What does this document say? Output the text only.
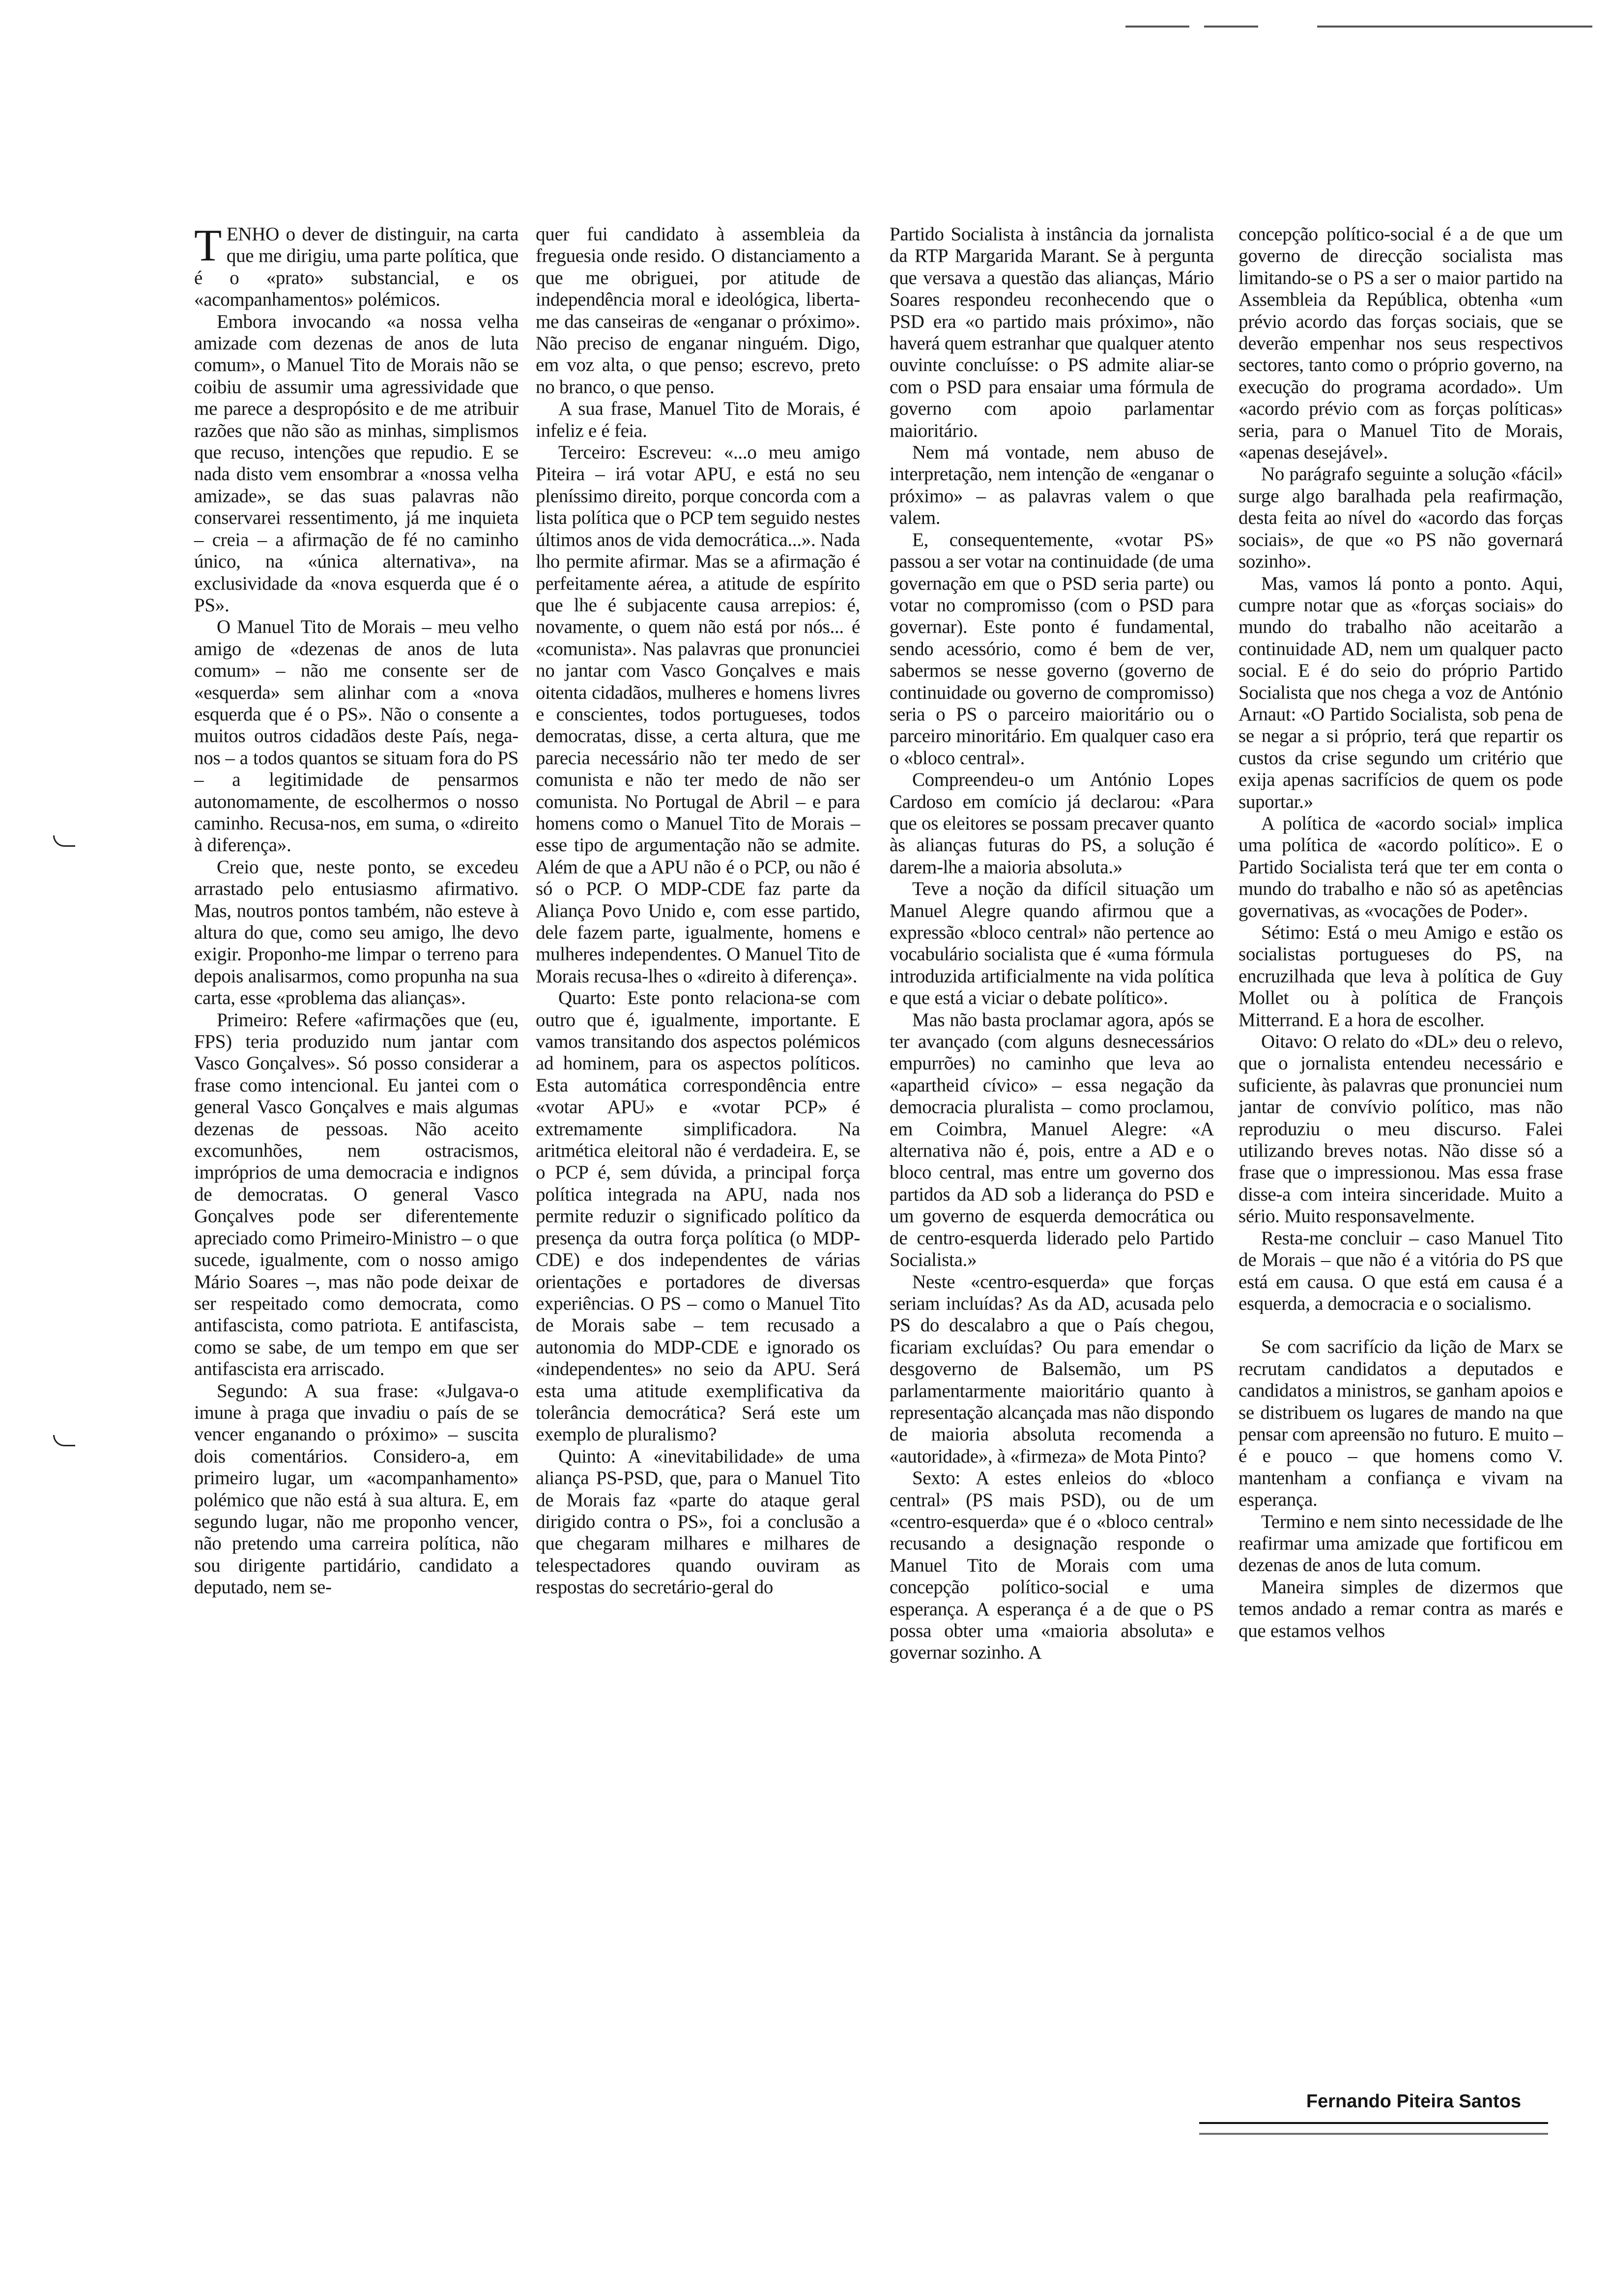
TENHO o dever de distinguir, na carta que me dirigiu, uma parte política, que é o «prato» substancial, e os «acompanhamentos» polémicos.

Embora invocando «a nossa velha amizade com dezenas de anos de luta comum», o Manuel Tito de Morais não se coibiu de assumir uma agressividade que me parece a despropósito e de me atribuir razões que não são as minhas, simplismos que recuso, intenções que repudio. E se nada disto vem ensombrar a «nossa velha amizade», se das suas palavras não conservarei ressentimento, já me inquieta – creia – a afirmação de fé no caminho único, na «única alternativa», na exclusividade da «nova esquerda que é o PS».

O Manuel Tito de Morais – meu velho amigo de «dezenas de anos de luta comum» – não me consente ser de «esquerda» sem alinhar com a «nova esquerda que é o PS». Não o consente a muitos outros cidadãos deste País, nega-nos – a todos quantos se situam fora do PS – a legitimidade de pensarmos autonomamente, de escolhermos o nosso caminho. Recusa-nos, em suma, o «direito à diferença».

Creio que, neste ponto, se excedeu arrastado pelo entusiasmo afirmativo. Mas, noutros pontos também, não esteve à altura do que, como seu amigo, lhe devo exigir. Proponho-me limpar o terreno para depois analisarmos, como propunha na sua carta, esse «problema das alianças».

Primeiro: Refere «afirmações que (eu, FPS) teria produzido num jantar com Vasco Gonçalves». Só posso considerar a frase como intencional. Eu jantei com o general Vasco Gonçalves e mais algumas dezenas de pessoas. Não aceito excomunhões, nem ostracismos, impróprios de uma democracia e indignos de democratas. O general Vasco Gonçalves pode ser diferentemente apreciado como Primeiro-Ministro – o que sucede, igualmente, com o nosso amigo Mário Soares –, mas não pode deixar de ser respeitado como democrata, como antifascista, como patriota. E antifascista, como se sabe, de um tempo em que ser antifascista era arriscado.

Segundo: A sua frase: «Julgava-o imune à praga que invadiu o país de se vencer enganando o próximo» – suscita dois comentários. Considero-a, em primeiro lugar, um «acompanhamento» polémico que não está à sua altura. E, em segundo lugar, não me proponho vencer, não pretendo uma carreira política, não sou dirigente partidário, candidato a deputado, nem se-

quer fui candidato à assembleia da freguesia onde resido. O distanciamento a que me obriguei, por atitude de independência moral e ideológica, liberta-me das canseiras de «enganar o próximo». Não preciso de enganar ninguém. Digo, em voz alta, o que penso; escrevo, preto no branco, o que penso.

A sua frase, Manuel Tito de Morais, é infeliz e é feia.

Terceiro: Escreveu: «...o meu amigo Piteira – irá votar APU, e está no seu pleníssimo direito, porque concorda com a lista política que o PCP tem seguido nestes últimos anos de vida democrática...». Nada lho permite afirmar. Mas se a afirmação é perfeitamente aérea, a atitude de espírito que lhe é subjacente causa arrepios: é, novamente, o quem não está por nós... é «comunista». Nas palavras que pronunciei no jantar com Vasco Gonçalves e mais oitenta cidadãos, mulheres e homens livres e conscientes, todos portugueses, todos democratas, disse, a certa altura, que me parecia necessário não ter medo de ser comunista e não ter medo de não ser comunista. No Portugal de Abril – e para homens como o Manuel Tito de Morais – esse tipo de argumentação não se admite. Além de que a APU não é o PCP, ou não é só o PCP. O MDP-CDE faz parte da Aliança Povo Unido e, com esse partido, dele fazem parte, igualmente, homens e mulheres independentes. O Manuel Tito de Morais recusa-lhes o «direito à diferença».

Quarto: Este ponto relaciona-se com outro que é, igualmente, importante. E vamos transitando dos aspectos polémicos ad hominem, para os aspectos políticos. Esta automática correspondência entre «votar APU» e «votar PCP» é extremamente simplificadora. Na aritmética eleitoral não é verdadeira. E, se o PCP é, sem dúvida, a principal força política integrada na APU, nada nos permite reduzir o significado político da presença da outra força política (o MDP-CDE) e dos independentes de várias orientações e portadores de diversas experiências. O PS – como o Manuel Tito de Morais sabe – tem recusado a autonomia do MDP-CDE e ignorado os «independentes» no seio da APU. Será esta uma atitude exemplificativa da tolerância democrática? Será este um exemplo de pluralismo?

Quinto: A «inevitabilidade» de uma aliança PS-PSD, que, para o Manuel Tito de Morais faz «parte do ataque geral dirigido contra o PS», foi a conclusão a que chegaram milhares e milhares de telespectadores quando ouviram as respostas do secretário-geral do

Partido Socialista à instância da jornalista da RTP Margarida Marant. Se à pergunta que versava a questão das alianças, Mário Soares respondeu reconhecendo que o PSD era «o partido mais próximo», não haverá quem estranhar que qualquer atento ouvinte concluísse: o PS admite aliar-se com o PSD para ensaiar uma fórmula de governo com apoio parlamentar maioritário.

Nem má vontade, nem abuso de interpretação, nem intenção de «enganar o próximo» – as palavras valem o que valem.

E, consequentemente, «votar PS» passou a ser votar na continuidade (de uma governação em que o PSD seria parte) ou votar no compromisso (com o PSD para governar). Este ponto é fundamental, sendo acessório, como é bem de ver, sabermos se nesse governo (governo de continuidade ou governo de compromisso) seria o PS o parceiro maioritário ou o parceiro minoritário. Em qualquer caso era o «bloco central».

Compreendeu-o um António Lopes Cardoso em comício já declarou: «Para que os eleitores se possam precaver quanto às alianças futuras do PS, a solução é darem-lhe a maioria absoluta.»

Teve a noção da difícil situação um Manuel Alegre quando afirmou que a expressão «bloco central» não pertence ao vocabulário socialista que é «uma fórmula introduzida artificialmente na vida política e que está a viciar o debate político».

Mas não basta proclamar agora, após se ter avançado (com alguns desnecessários empurrões) no caminho que leva ao «apartheid cívico» – essa negação da democracia pluralista – como proclamou, em Coimbra, Manuel Alegre: «A alternativa não é, pois, entre a AD e o bloco central, mas entre um governo dos partidos da AD sob a liderança do PSD e um governo de esquerda democrática ou de centro-esquerda liderado pelo Partido Socialista.»

Neste «centro-esquerda» que forças seriam incluídas? As da AD, acusada pelo PS do descalabro a que o País chegou, ficariam excluídas? Ou para emendar o desgoverno de Balsemão, um PS parlamentarmente maioritário quanto à representação alcançada mas não dispondo de maioria absoluta recomenda a «autoridade», à «firmeza» de Mota Pinto?

Sexto: A estes enleios do «bloco central» (PS mais PSD), ou de um «centro-esquerda» que é o «bloco central» recusando a designação responde o Manuel Tito de Morais com uma concepção político-social e uma esperança. A esperança é a de que o PS possa obter uma «maioria absoluta» e governar sozinho. A

concepção político-social é a de que um governo de direcção socialista mas limitando-se o PS a ser o maior partido na Assembleia da República, obtenha «um prévio acordo das forças sociais, que se deverão empenhar nos seus respectivos sectores, tanto como o próprio governo, na execução do programa acordado». Um «acordo prévio com as forças políticas» seria, para o Manuel Tito de Morais, «apenas desejável».

No parágrafo seguinte a solução «fácil» surge algo baralhada pela reafirmação, desta feita ao nível do «acordo das forças sociais», de que «o PS não governará sozinho».

Mas, vamos lá ponto a ponto. Aqui, cumpre notar que as «forças sociais» do mundo do trabalho não aceitarão a continuidade AD, nem um qualquer pacto social. E é do seio do próprio Partido Socialista que nos chega a voz de António Arnaut: «O Partido Socialista, sob pena de se negar a si próprio, terá que repartir os custos da crise segundo um critério que exija apenas sacrifícios de quem os pode suportar.»

A política de «acordo social» implica uma política de «acordo político». E o Partido Socialista terá que ter em conta o mundo do trabalho e não só as apetências governativas, as «vocações de Poder».

Sétimo: Está o meu Amigo e estão os socialistas portugueses do PS, na encruzilhada que leva à política de Guy Mollet ou à política de François Mitterrand. E a hora de escolher.

Oitavo: O relato do «DL» deu o relevo, que o jornalista entendeu necessário e suficiente, às palavras que pronunciei num jantar de convívio político, mas não reproduziu o meu discurso. Falei utilizando breves notas. Não disse só a frase que o impressionou. Mas essa frase disse-a com inteira sinceridade. Muito a sério. Muito responsavelmente.

Resta-me concluir – caso Manuel Tito de Morais – que não é a vitória do PS que está em causa. O que está em causa é a esquerda, a democracia e o socialismo.

Se com sacrifício da lição de Marx se recrutam candidatos a deputados e candidatos a ministros, se ganham apoios e se distribuem os lugares de mando na que pensar com apreensão no futuro. E muito – é e pouco – que homens como V. mantenham a confiança e vivam na esperança.

Termino e nem sinto necessidade de lhe reafirmar uma amizade que fortificou em dezenas de anos de luta comum.

Maneira simples de dizermos que temos andado a remar contra as marés e que estamos velhos

Fernando Piteira Santos
